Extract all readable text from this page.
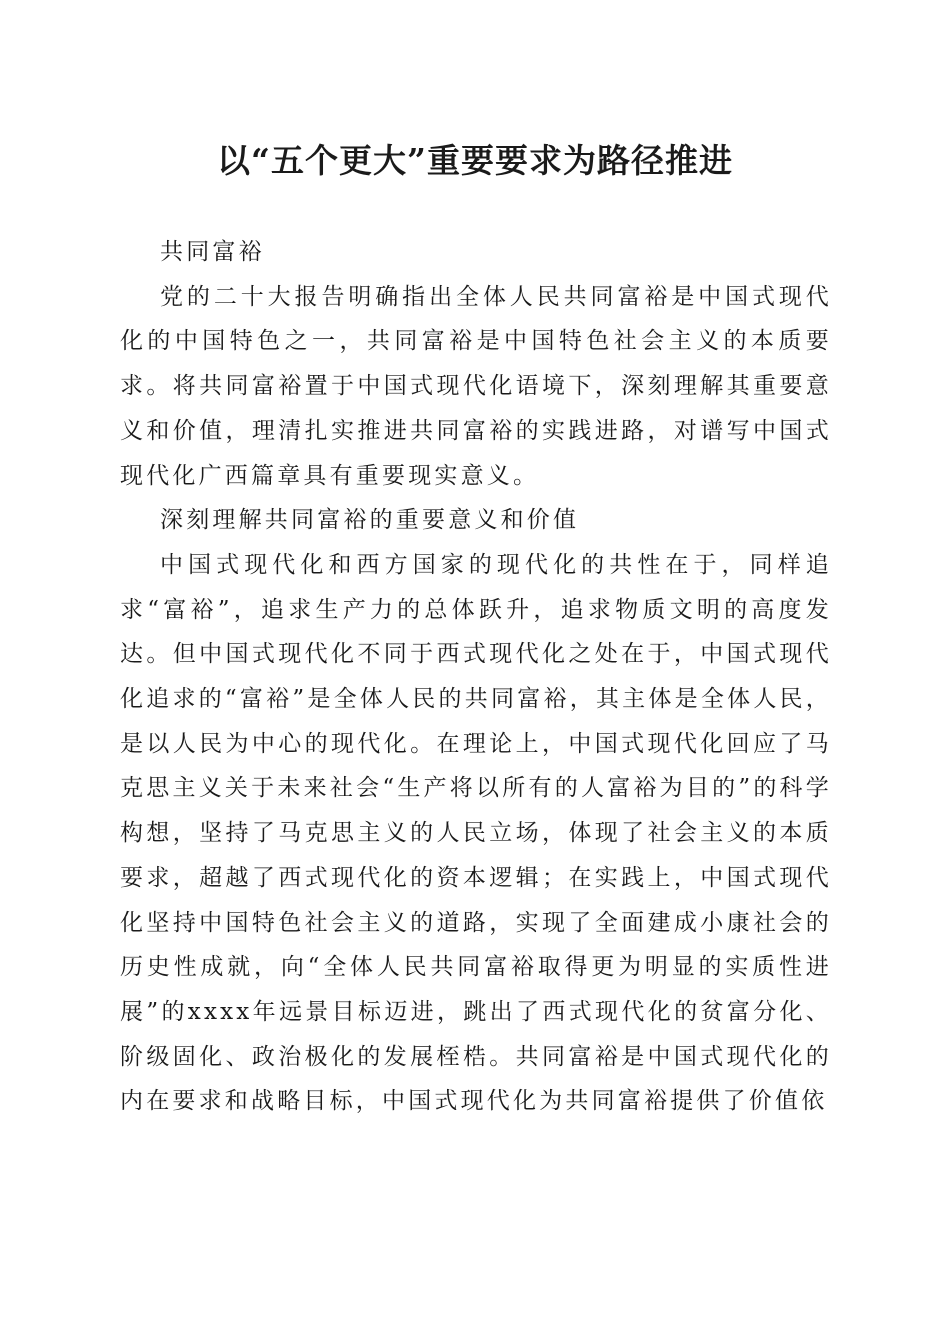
以“五个更大”重要要求为路径推进

共同富裕

党的二十大报告明确指出全体人民共同富裕是中国式现代化的中国特色之一，共同富裕是中国特色社会主义的本质要求。将共同富裕置于中国式现代化语境下，深刻理解其重要意义和价值，理清扎实推进共同富裕的实践进路，对谱写中国式现代化广西篇章具有重要现实意义。

深刻理解共同富裕的重要意义和价值

中国式现代化和西方国家的现代化的共性在于，同样追求“富裕”，追求生产力的总体跃升，追求物质文明的高度发达。但中国式现代化不同于西式现代化之处在于，中国式现代化追求的“富裕”是全体人民的共同富裕，其主体是全体人民，是以人民为中心的现代化。在理论上，中国式现代化回应了马克思主义关于未来社会“生产将以所有的人富裕为目的”的科学构想，坚持了马克思主义的人民立场，体现了社会主义的本质要求，超越了西式现代化的资本逻辑；在实践上，中国式现代化坚持中国特色社会主义的道路，实现了全面建成小康社会的历史性成就，向“全体人民共同富裕取得更为明显的实质性进展”的xxxx年远景目标迈进，跳出了西式现代化的贫富分化、阶级固化、政治极化的发展桎梏。共同富裕是中国式现代化的内在要求和战略目标，中国式现代化为共同富裕提供了价值依
